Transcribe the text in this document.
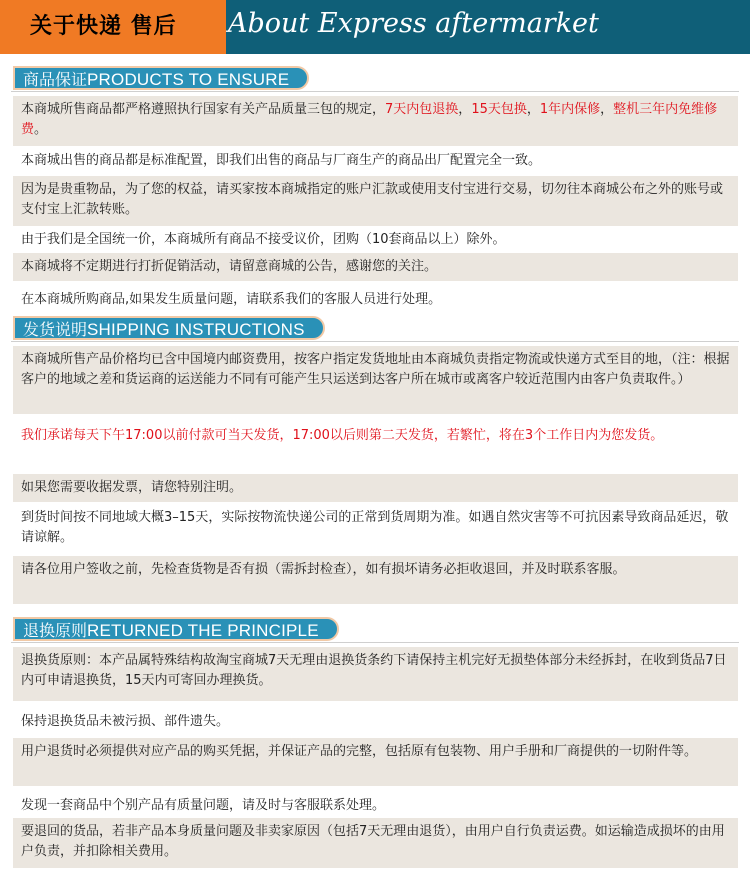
关于快递 售后	About Express aftermarket
商品保证PRODUCTS TO ENSURE
本商城所售商品都严格遵照执行国家有关产品质量三包的规定，7天内包退换，15天包换，1年内保修，整机三年内免维修费。
本商城出售的商品都是标准配置，即我们出售的商品与厂商生产的商品出厂配置完全一致。
因为是贵重物品，为了您的权益，请买家按本商城指定的账户汇款或使用支付宝进行交易，切勿往本商城公布之外的账号或支付宝上汇款转账。
由于我们是全国统一价，本商城所有商品不接受议价，团购（10套商品以上）除外。
本商城将不定期进行打折促销活动，请留意商城的公告，感谢您的关注。
在本商城所购商品,如果发生质量问题，请联系我们的客服人员进行处理。
发货说明SHIPPING INSTRUCTIONS
本商城所售产品价格均已含中国境内邮资费用，按客户指定发货地址由本商城负责指定物流或快递方式至目的地，（注：根据客户的地域之差和货运商的运送能力不同有可能产生只运送到达客户所在城市或离客户较近范围内由客户负责取件。）
我们承诺每天下午17:00以前付款可当天发货，17:00以后则第二天发货，若繁忙，将在3个工作日内为您发货。
如果您需要收据发票，请您特别注明。
到货时间按不同地域大概3–15天，实际按物流快递公司的正常到货周期为准。如遇自然灾害等不可抗因素导致商品延迟，敬请谅解。
请各位用户签收之前，先检查货物是否有损（需拆封检查），如有损坏请务必拒收退回，并及时联系客服。
退换原则RETURNED THE PRINCIPLE
退换货原则：本产品属特殊结构故淘宝商城7天无理由退换货条约下请保持主机完好无损垫体部分未经拆封，在收到货品7日内可申请退换货，15天内可寄回办理换货。
保持退换货品未被污损、部件遗失。
用户退货时必须提供对应产品的购买凭据，并保证产品的完整，包括原有包装物、用户手册和厂商提供的一切附件等。
发现一套商品中个别产品有质量问题，请及时与客服联系处理。
要退回的货品，若非产品本身质量问题及非卖家原因（包括7天无理由退货），由用户自行负责运费。如运输造成损坏的由用户负责，并扣除相关费用。
